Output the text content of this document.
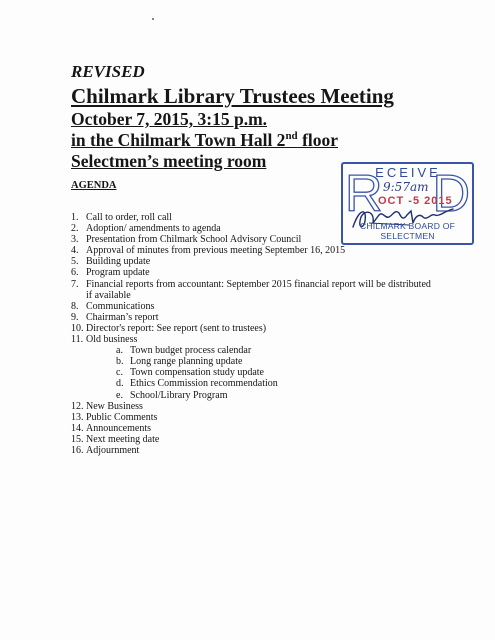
REVISED

Chilmark Library Trustees Meeting

October 7, 2015, 3:15 p.m.

in the Chilmark Town Hall 2nd floor

Selectmen’s meeting room

AGENDA

1. Call to order, roll call
2. Adoption/ amendments to agenda
3. Presentation from Chilmark School Advisory Council
4. Approval of minutes from previous meeting September 16, 2015
5. Building update
6. Program update
7. Financial reports from accountant: September 2015 financial report will be distributed if available
8. Communications
9. Chairman’s report
10. Director's report: See report (sent to trustees)
11. Old business
a. Town budget process calendar
b. Long range planning update
c. Town compensation study update
d. Ethics Commission recommendation
e. School/Library Program
12. New Business
13. Public Comments
14. Announcements
15. Next meeting date
16. Adjournment
R
ECEIVE
D
9:57am
OCT -5 2015
CHILMARK BOARD OF SELECTMEN
